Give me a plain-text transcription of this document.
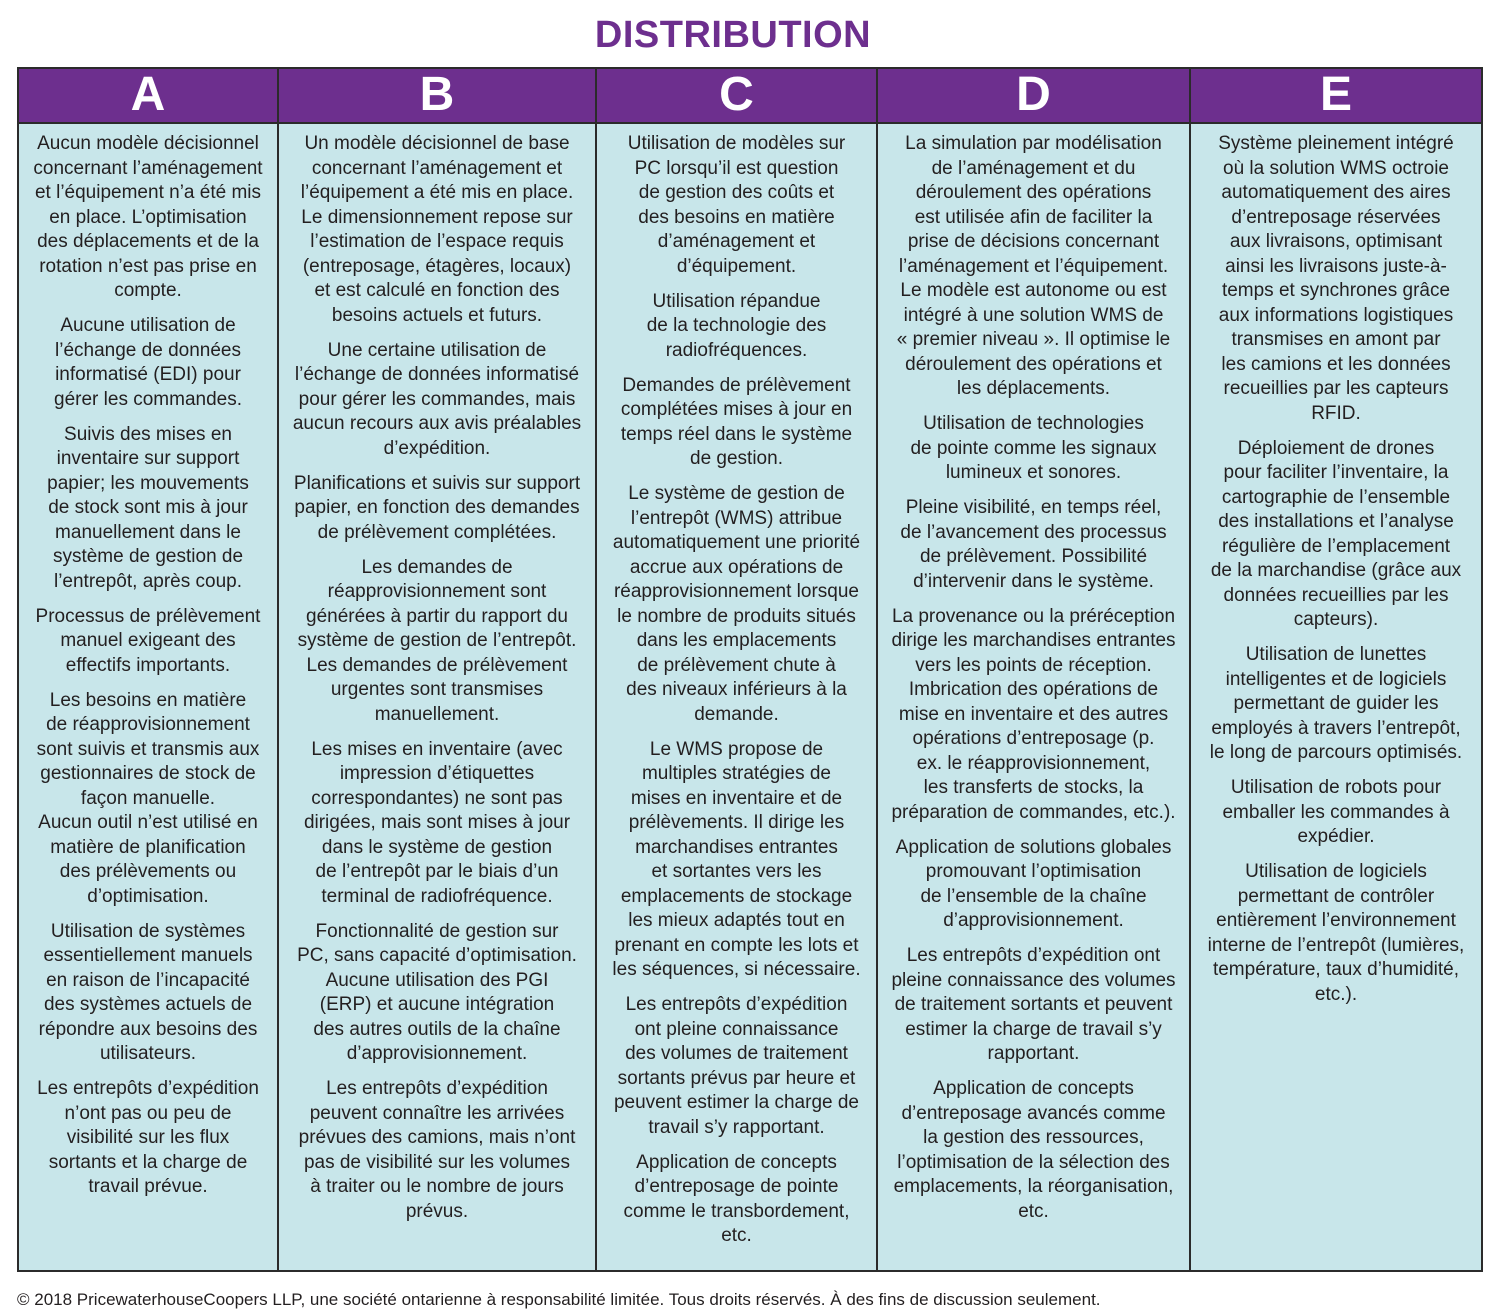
DISTRIBUTION
A

Aucun modèle décisionnel
concernant l’aménagement
et l’équipement n’a été mis
en place. L’optimisation
des déplacements et de la
rotation n’est pas prise en
compte.

Aucune utilisation de
l’échange de données
informatisé (EDI) pour
gérer les commandes.

Suivis des mises en
inventaire sur support
papier; les mouvements
de stock sont mis à jour
manuellement dans le
système de gestion de
l’entrepôt, après coup.

Processus de prélèvement
manuel exigeant des
effectifs importants.

Les besoins en matière
de réapprovisionnement
sont suivis et transmis aux
gestionnaires de stock de
façon manuelle.
Aucun outil n’est utilisé en
matière de planification
des prélèvements ou
d’optimisation.

Utilisation de systèmes
essentiellement manuels
en raison de l’incapacité
des systèmes actuels de
répondre aux besoins des
utilisateurs.

Les entrepôts d’expédition
n’ont pas ou peu de
visibilité sur les flux
sortants et la charge de
travail prévue.

B

Un modèle décisionnel de base
concernant l’aménagement et
l’équipement a été mis en place.
Le dimensionnement repose sur
l’estimation de l’espace requis
(entreposage, étagères, locaux)
et est calculé en fonction des
besoins actuels et futurs.

Une certaine utilisation de
l’échange de données informatisé
pour gérer les commandes, mais
aucun recours aux avis préalables
d’expédition.

Planifications et suivis sur support
papier, en fonction des demandes
de prélèvement complétées.

Les demandes de
réapprovisionnement sont
générées à partir du rapport du
système de gestion de l’entrepôt.
Les demandes de prélèvement
urgentes sont transmises
manuellement.

Les mises en inventaire (avec
impression d’étiquettes
correspondantes) ne sont pas
dirigées, mais sont mises à jour
dans le système de gestion
de l’entrepôt par le biais d’un
terminal de radiofréquence.

Fonctionnalité de gestion sur
PC, sans capacité d’optimisation.
Aucune utilisation des PGI
(ERP) et aucune intégration
des autres outils de la chaîne
d’approvisionnement.

Les entrepôts d’expédition
peuvent connaître les arrivées
prévues des camions, mais n’ont
pas de visibilité sur les volumes
à traiter ou le nombre de jours
prévus.

C

Utilisation de modèles sur
PC lorsqu’il est question
de gestion des coûts et
des besoins en matière
d’aménagement et
d’équipement.

Utilisation répandue
de la technologie des
radiofréquences.

Demandes de prélèvement
complétées mises à jour en
temps réel dans le système
de gestion.

Le système de gestion de
l’entrepôt (WMS) attribue
automatiquement une priorité
accrue aux opérations de
réapprovisionnement lorsque
le nombre de produits situés
dans les emplacements
de prélèvement chute à
des niveaux inférieurs à la
demande.

Le WMS propose de
multiples stratégies de
mises en inventaire et de
prélèvements. Il dirige les
marchandises entrantes
et sortantes vers les
emplacements de stockage
les mieux adaptés tout en
prenant en compte les lots et
les séquences, si nécessaire.

Les entrepôts d’expédition
ont pleine connaissance
des volumes de traitement
sortants prévus par heure et
peuvent estimer la charge de
travail s’y rapportant.

Application de concepts
d’entreposage de pointe
comme le transbordement,
etc.

D

La simulation par modélisation
de l’aménagement et du
déroulement des opérations
est utilisée afin de faciliter la
prise de décisions concernant
l’aménagement et l’équipement.
Le modèle est autonome ou est
intégré à une solution WMS de
« premier niveau ». Il optimise le
déroulement des opérations et
les déplacements.

Utilisation de technologies
de pointe comme les signaux
lumineux et sonores.

Pleine visibilité, en temps réel,
de l’avancement des processus
de prélèvement. Possibilité
d’intervenir dans le système.

La provenance ou la préréception
dirige les marchandises entrantes
vers les points de réception.
Imbrication des opérations de
mise en inventaire et des autres
opérations d’entreposage (p.
ex. le réapprovisionnement,
les transferts de stocks, la
préparation de commandes, etc.).

Application de solutions globales
promouvant l’optimisation
de l’ensemble de la chaîne
d’approvisionnement.

Les entrepôts d’expédition ont
pleine connaissance des volumes
de traitement sortants et peuvent
estimer la charge de travail s’y
rapportant.

Application de concepts
d’entreposage avancés comme
la gestion des ressources,
l’optimisation de la sélection des
emplacements, la réorganisation,
etc.

E

Système pleinement intégré
où la solution WMS octroie
automatiquement des aires
d’entreposage réservées
aux livraisons, optimisant
ainsi les livraisons juste-à-
temps et synchrones grâce
aux informations logistiques
transmises en amont par
les camions et les données
recueillies par les capteurs
RFID.

Déploiement de drones
pour faciliter l’inventaire, la
cartographie de l’ensemble
des installations et l’analyse
régulière de l’emplacement
de la marchandise (grâce aux
données recueillies par les
capteurs).

Utilisation de lunettes
intelligentes et de logiciels
permettant de guider les
employés à travers l’entrepôt,
le long de parcours optimisés.

Utilisation de robots pour
emballer les commandes à
expédier.

Utilisation de logiciels
permettant de contrôler
entièrement l’environnement
interne de l’entrepôt (lumières,
température, taux d’humidité,
etc.).

© 2018 PricewaterhouseCoopers LLP, une société ontarienne à responsabilité limitée. Tous droits réservés. À des fins de discussion seulement.
